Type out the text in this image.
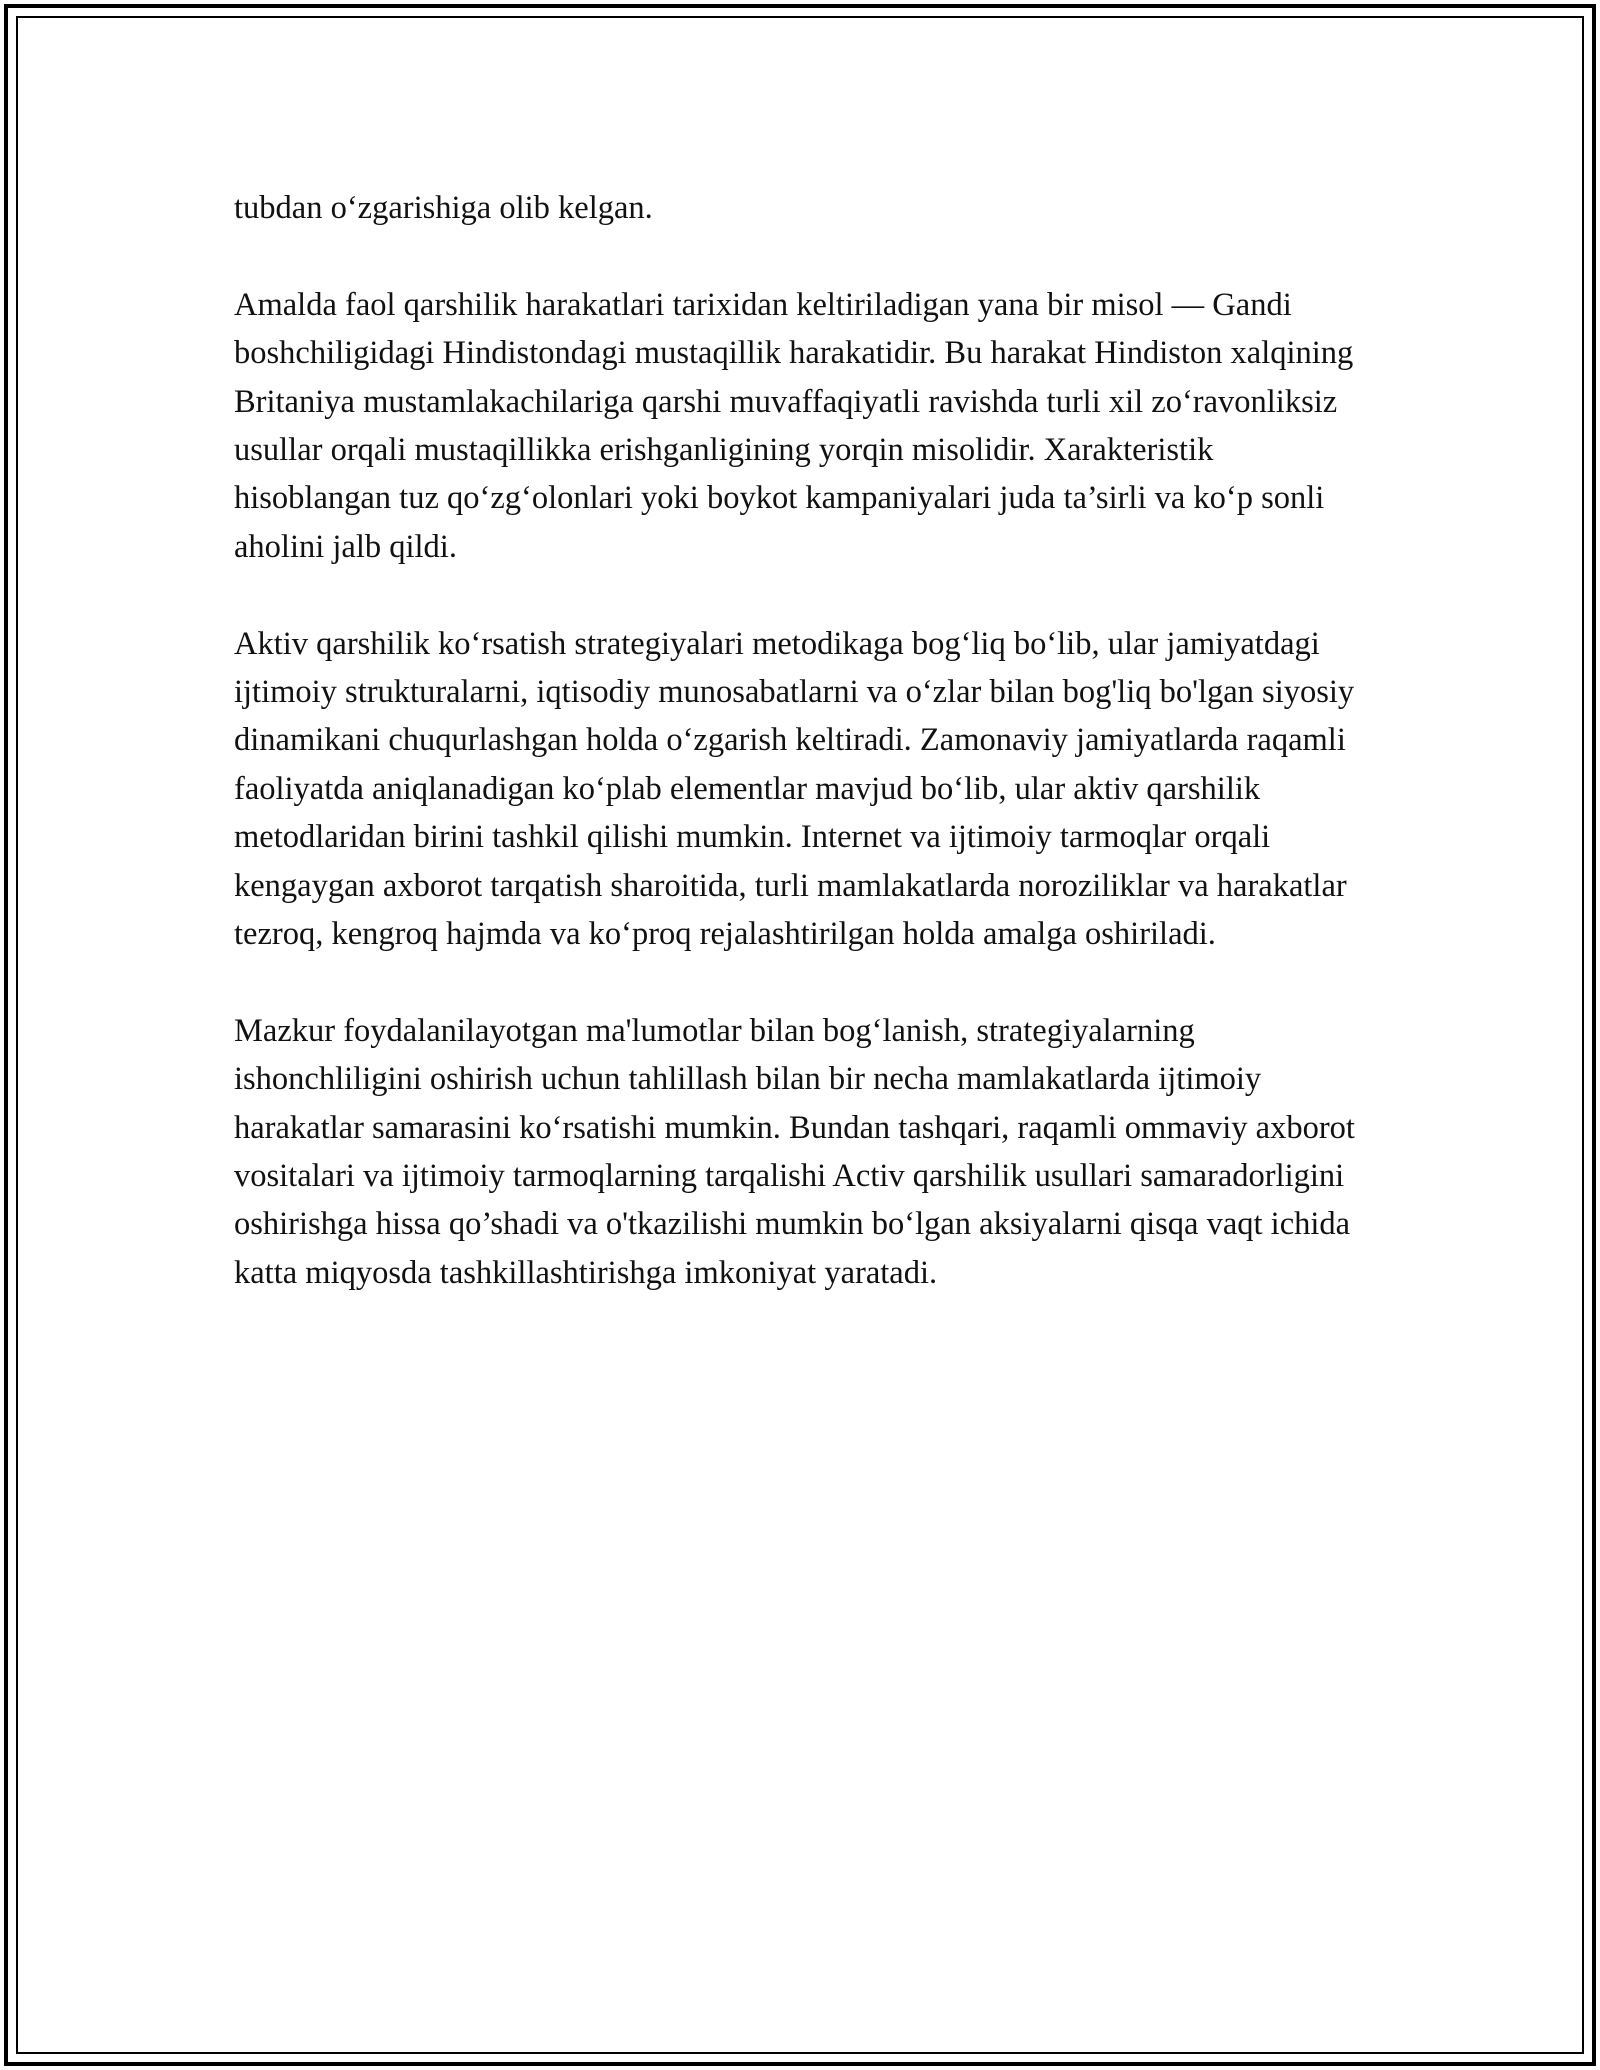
tubdan o‘zgarishiga olib kelgan.

Amalda faol qarshilik harakatlari tarixidan keltiriladigan yana bir misol — Gandi boshchiligidagi Hindistondagi mustaqillik harakatidir. Bu harakat Hindiston xalqining Britaniya mustamlakachilariga qarshi muvaffaqiyatli ravishda turli xil zo‘ravonliksiz usullar orqali mustaqillikka erishganligining yorqin misolidir. Xarakteristik hisoblangan tuz qo‘zg‘olonlari yoki boykot kampaniyalari juda ta’sirli va ko‘p sonli aholini jalb qildi.

Aktiv qarshilik ko‘rsatish strategiyalari metodikaga bog‘liq bo‘lib, ular jamiyatdagi ijtimoiy strukturalarni, iqtisodiy munosabatlarni va o‘zlar bilan bog'liq bo'lgan siyosiy dinamikani chuqurlashgan holda o‘zgarish keltiradi. Zamonaviy jamiyatlarda raqamli faoliyatda aniqlanadigan ko‘plab elementlar mavjud bo‘lib, ular aktiv qarshilik metodlaridan birini tashkil qilishi mumkin. Internet va ijtimoiy tarmoqlar orqali kengaygan axborot tarqatish sharoitida, turli mamlakatlarda noroziliklar va harakatlar tezroq, kengroq hajmda va ko‘proq rejalashtirilgan holda amalga oshiriladi.

Mazkur foydalanilayotgan ma'lumotlar bilan bog‘lanish, strategiyalarning ishonchliligini oshirish uchun tahlillash bilan bir necha mamlakatlarda ijtimoiy harakatlar samarasini ko‘rsatishi mumkin. Bundan tashqari, raqamli ommaviy axborot vositalari va ijtimoiy tarmoqlarning tarqalishi Activ qarshilik usullari samaradorligini oshirishga hissa qo’shadi va o'tkazilishi mumkin bo‘lgan aksiyalarni qisqa vaqt ichida katta miqyosda tashkillashtirishga imkoniyat yaratadi.
